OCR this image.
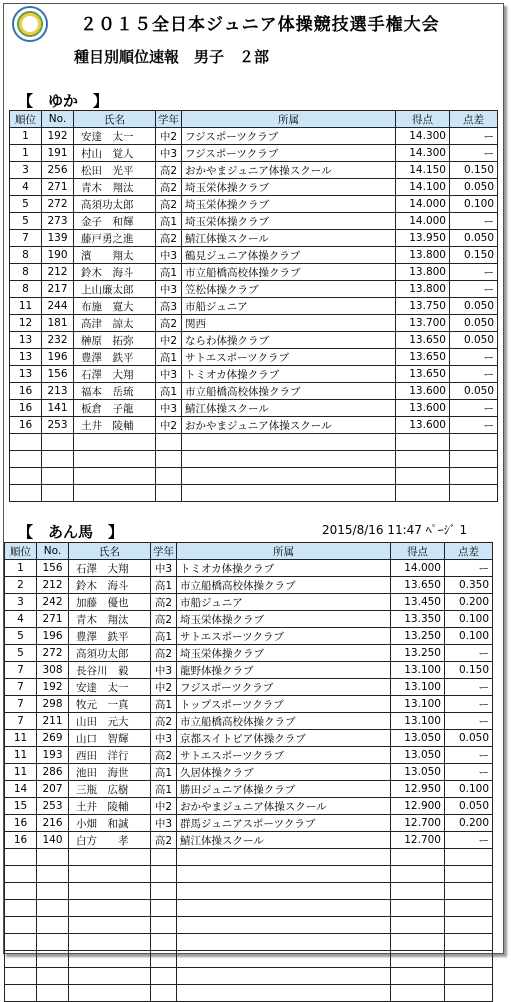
２０１５全日本ジュニア体操競技選手権大会
種目別順位速報　男子　２部
【　ゆか　】
順位	No.	氏名	学年	所属	得点	点差
1	192	安達　太一	中2	フジスポーツクラブ	14.300	ー
1	191	村山　覚人	中3	フジスポーツクラブ	14.300	ー
3	256	松田　光平	高2	おかやまジュニア体操スクール	14.150	0.150
4	271	青木　翔汰	高2	埼玉栄体操クラブ	14.100	0.050
5	272	高須功太郎	高2	埼玉栄体操クラブ	14.000	0.100
5	273	金子　和輝	高1	埼玉栄体操クラブ	14.000	ー
7	139	藤戸勇之進	高2	鯖江体操スクール	13.950	0.050
8	190	濱　　翔太	中3	鶴見ジュニア体操クラブ	13.800	0.150
8	212	鈴木　海斗	高1	市立船橋高校体操クラブ	13.800	ー
8	217	上山廉太郎	中3	笠松体操クラブ	13.800	ー
11	244	布施　寛大	高3	市船ジュニア	13.750	0.050
12	181	高津　諒太	高2	関西	13.700	0.050
13	232	榊原　拓弥	中2	ならわ体操クラブ	13.650	0.050
13	196	豊澤　鉄平	高1	サトエスポーツクラブ	13.650	ー
13	156	石澤　大翔	中3	トミオカ体操クラブ	13.650	ー
16	213	福本　岳琉	高1	市立船橋高校体操クラブ	13.600	0.050
16	141	板倉　子龍	中3	鯖江体操スクール	13.600	ー
16	253	土井　陵輔	中2	おかやまジュニア体操スクール	13.600	ー

【　あん馬　】	2015/8/16 11:47 ﾍﾟｰｼﾞ 1
順位	No.	氏名	学年	所属	得点	点差
1	156	石澤　大翔	中3	トミオカ体操クラブ	14.000	ー
2	212	鈴木　海斗	高1	市立船橋高校体操クラブ	13.650	0.350
3	242	加藤　優也	高2	市船ジュニア	13.450	0.200
4	271	青木　翔汰	高2	埼玉栄体操クラブ	13.350	0.100
5	196	豊澤　鉄平	高1	サトエスポーツクラブ	13.250	0.100
5	272	高須功太郎	高2	埼玉栄体操クラブ	13.250	ー
7	308	長谷川　毅	中3	龍野体操クラブ	13.100	0.150
7	192	安達　太一	中2	フジスポーツクラブ	13.100	ー
7	298	牧元　一真	高1	トップスポーツクラブ	13.100	ー
7	211	山田　元大	高2	市立船橋高校体操クラブ	13.100	ー
11	269	山口　智輝	中3	京都スイトピア体操クラブ	13.050	0.050
11	193	西田　洋行	高2	サトエスポーツクラブ	13.050	ー
11	286	池田　海世	高1	久居体操クラブ	13.050	ー
14	207	三瓶　広樹	高1	勝田ジュニア体操クラブ	12.950	0.100
15	253	土井　陵輔	中2	おかやまジュニア体操スクール	12.900	0.050
16	216	小畑　和誠	中3	群馬ジュニアスポーツクラブ	12.700	0.200
16	140	白方　　孝	高2	鯖江体操スクール	12.700	ー
